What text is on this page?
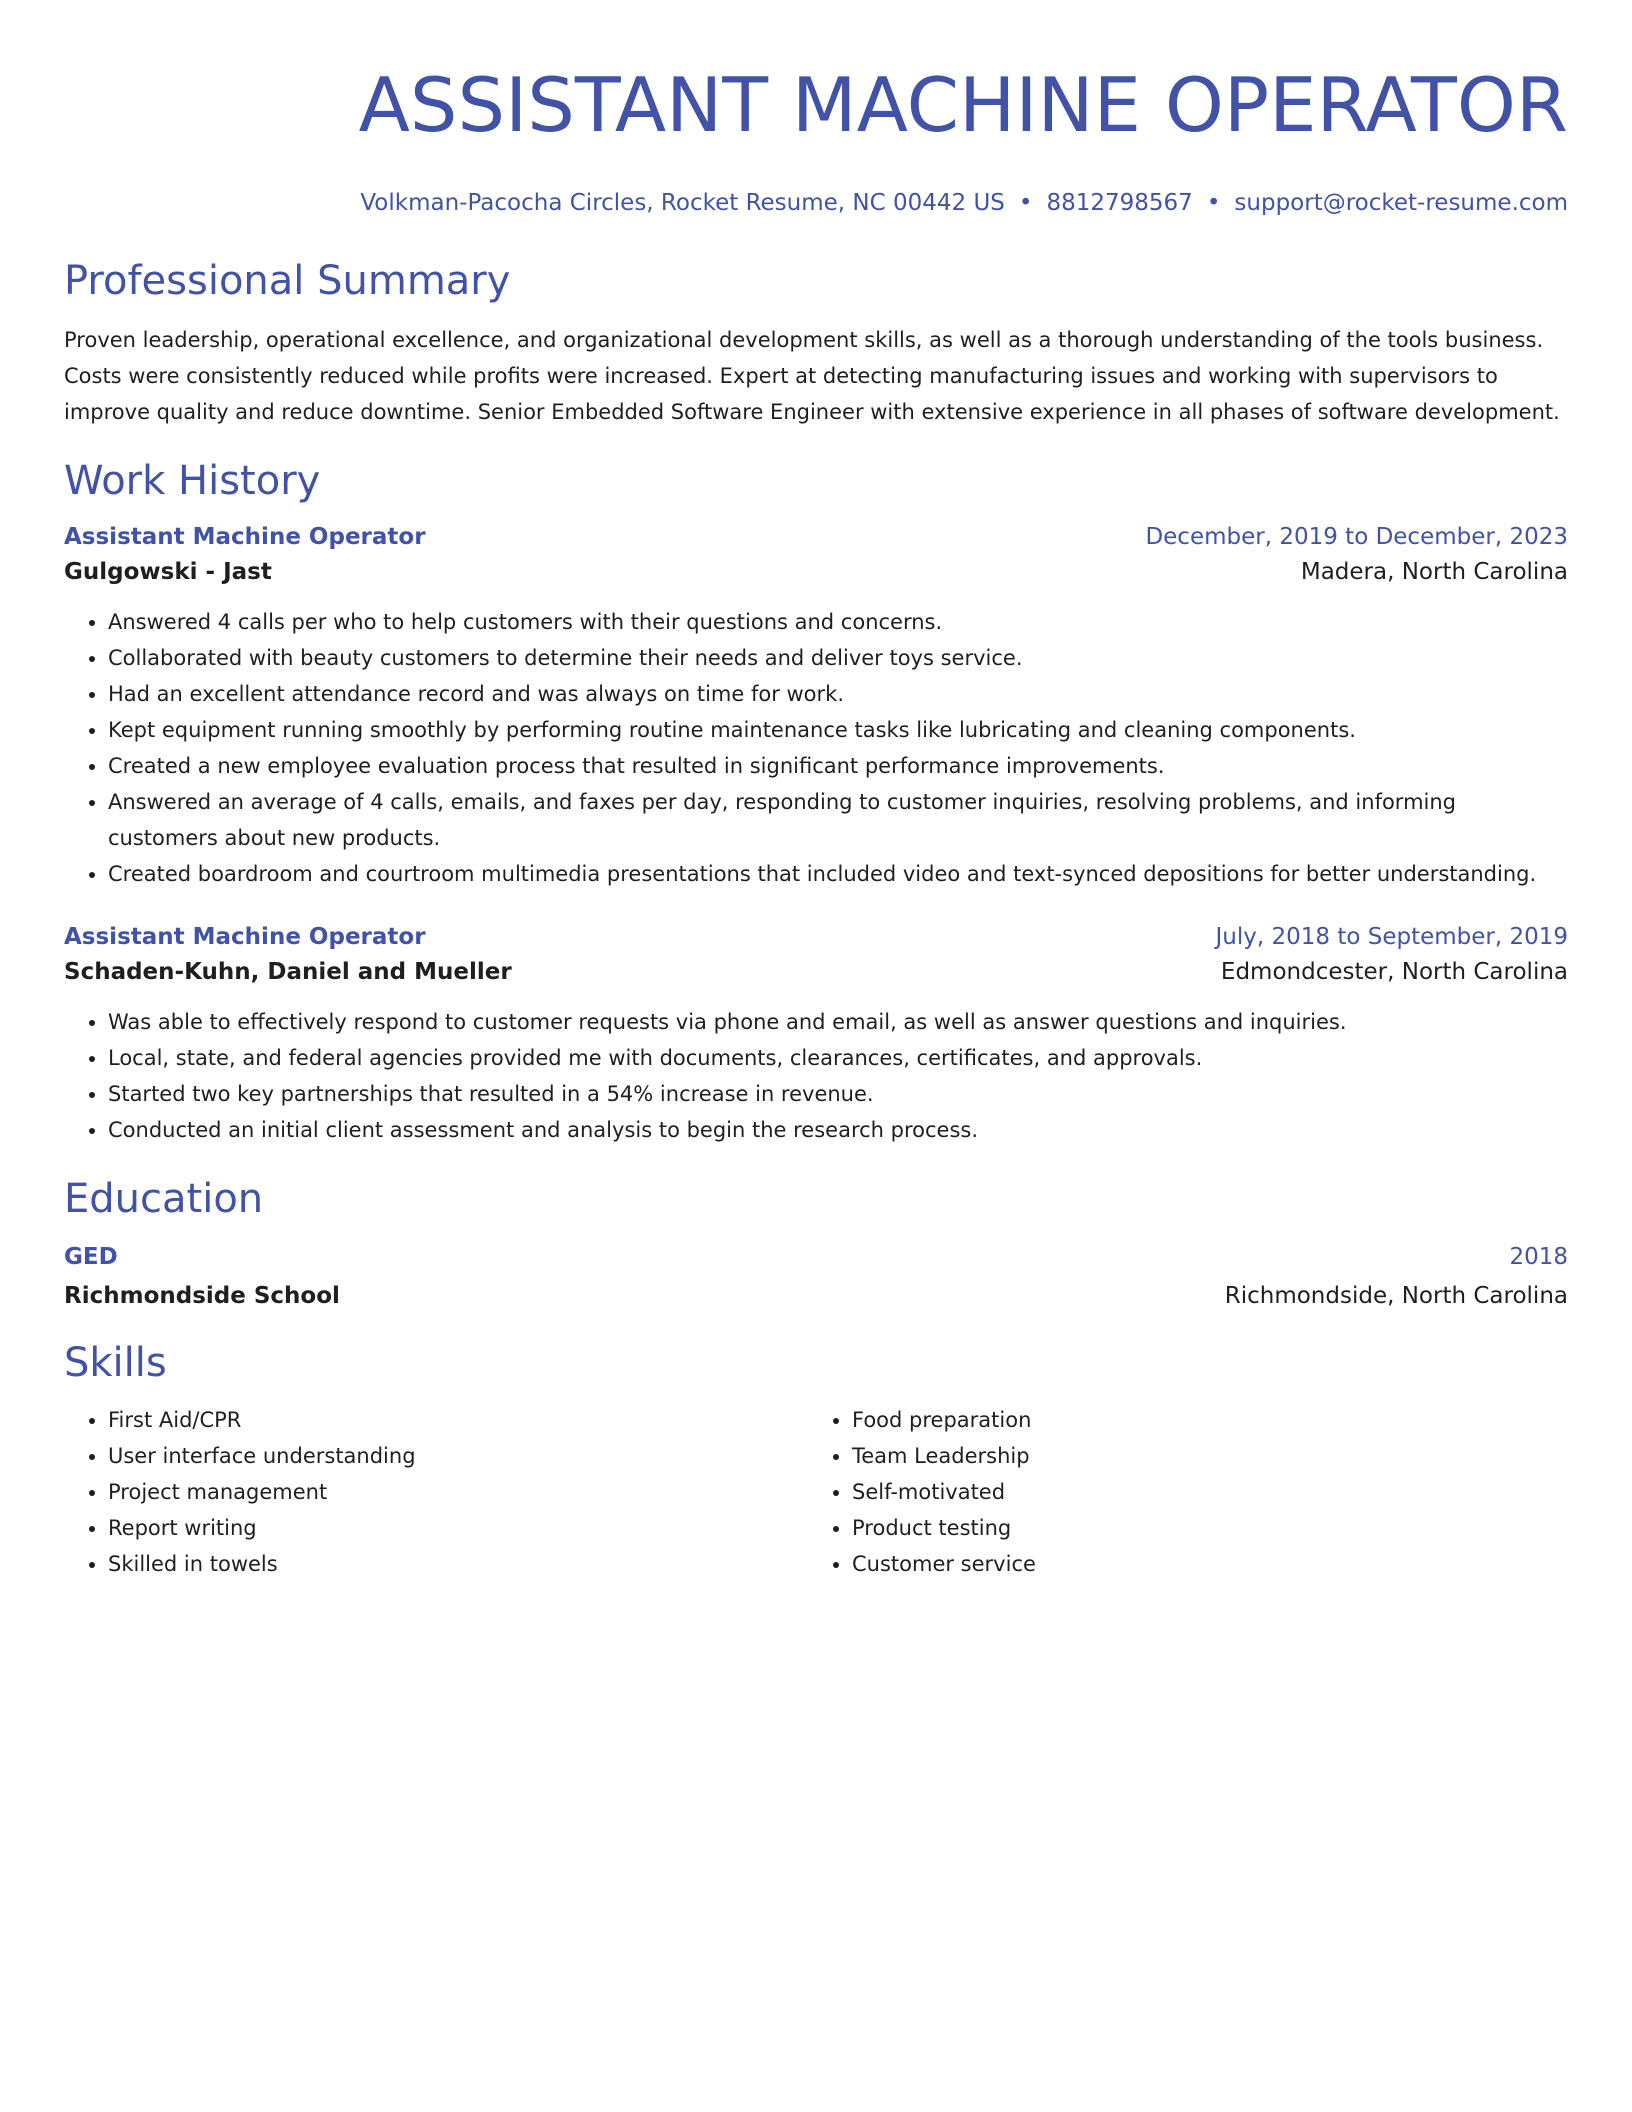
ASSISTANT MACHINE OPERATOR
Volkman-Pacocha Circles, Rocket Resume, NC 00442 US • 8812798567 • support@rocket-resume.com
Professional Summary
Proven leadership, operational excellence, and organizational development skills, as well as a thorough understanding of the tools business. Costs were consistently reduced while profits were increased. Expert at detecting manufacturing issues and working with supervisors to improve quality and reduce downtime. Senior Embedded Software Engineer with extensive experience in all phases of software development.
Work History
Assistant Machine Operator	December, 2019 to December, 2023
Gulgowski - Jast	Madera, North Carolina
• Answered 4 calls per who to help customers with their questions and concerns.
• Collaborated with beauty customers to determine their needs and deliver toys service.
• Had an excellent attendance record and was always on time for work.
• Kept equipment running smoothly by performing routine maintenance tasks like lubricating and cleaning components.
• Created a new employee evaluation process that resulted in significant performance improvements.
• Answered an average of 4 calls, emails, and faxes per day, responding to customer inquiries, resolving problems, and informing customers about new products.
• Created boardroom and courtroom multimedia presentations that included video and text-synced depositions for better understanding.
Assistant Machine Operator	July, 2018 to September, 2019
Schaden-Kuhn, Daniel and Mueller	Edmondcester, North Carolina
• Was able to effectively respond to customer requests via phone and email, as well as answer questions and inquiries.
• Local, state, and federal agencies provided me with documents, clearances, certificates, and approvals.
• Started two key partnerships that resulted in a 54% increase in revenue.
• Conducted an initial client assessment and analysis to begin the research process.
Education
GED	2018
Richmondside School	Richmondside, North Carolina
Skills
• First Aid/CPR
• User interface understanding
• Project management
• Report writing
• Skilled in towels
• Food preparation
• Team Leadership
• Self-motivated
• Product testing
• Customer service
